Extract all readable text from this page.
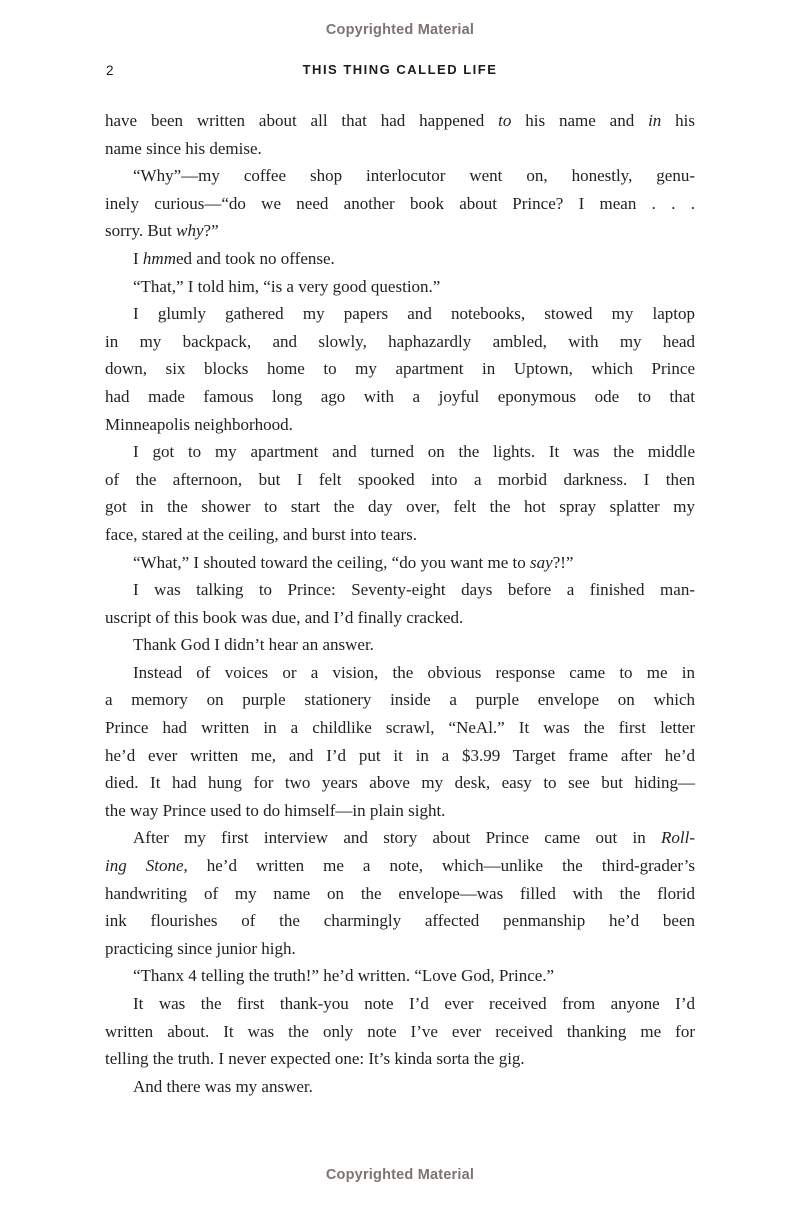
Copyrighted Material
2	THIS THING CALLED LIFE
have been written about all that had happened to his name and in his
name since his demise.
“Why”—my coffee shop interlocutor went on, honestly, genu-
inely curious—“do we need another book about Prince? I mean . . .
sorry. But why?”
I hmmed and took no offense.
“That,” I told him, “is a very good question.”
I glumly gathered my papers and notebooks, stowed my laptop
in my backpack, and slowly, haphazardly ambled, with my head
down, six blocks home to my apartment in Uptown, which Prince
had made famous long ago with a joyful eponymous ode to that
Minneapolis neighborhood.
I got to my apartment and turned on the lights. It was the middle
of the afternoon, but I felt spooked into a morbid darkness. I then
got in the shower to start the day over, felt the hot spray splatter my
face, stared at the ceiling, and burst into tears.
“What,” I shouted toward the ceiling, “do you want me to say?!”
I was talking to Prince: Seventy-eight days before a finished man-
uscript of this book was due, and I’d finally cracked.
Thank God I didn’t hear an answer.
Instead of voices or a vision, the obvious response came to me in
a memory on purple stationery inside a purple envelope on which
Prince had written in a childlike scrawl, “NeAl.” It was the first letter
he’d ever written me, and I’d put it in a $3.99 Target frame after he’d
died. It had hung for two years above my desk, easy to see but hiding—
the way Prince used to do himself—in plain sight.
After my first interview and story about Prince came out in Roll-
ing Stone, he’d written me a note, which—unlike the third-grader’s
handwriting of my name on the envelope—was filled with the florid
ink flourishes of the charmingly affected penmanship he’d been
practicing since junior high.
“Thanx 4 telling the truth!” he’d written. “Love God, Prince.”
It was the first thank-you note I’d ever received from anyone I’d
written about. It was the only note I’ve ever received thanking me for
telling the truth. I never expected one: It’s kinda sorta the gig.
And there was my answer.
Copyrighted Material
